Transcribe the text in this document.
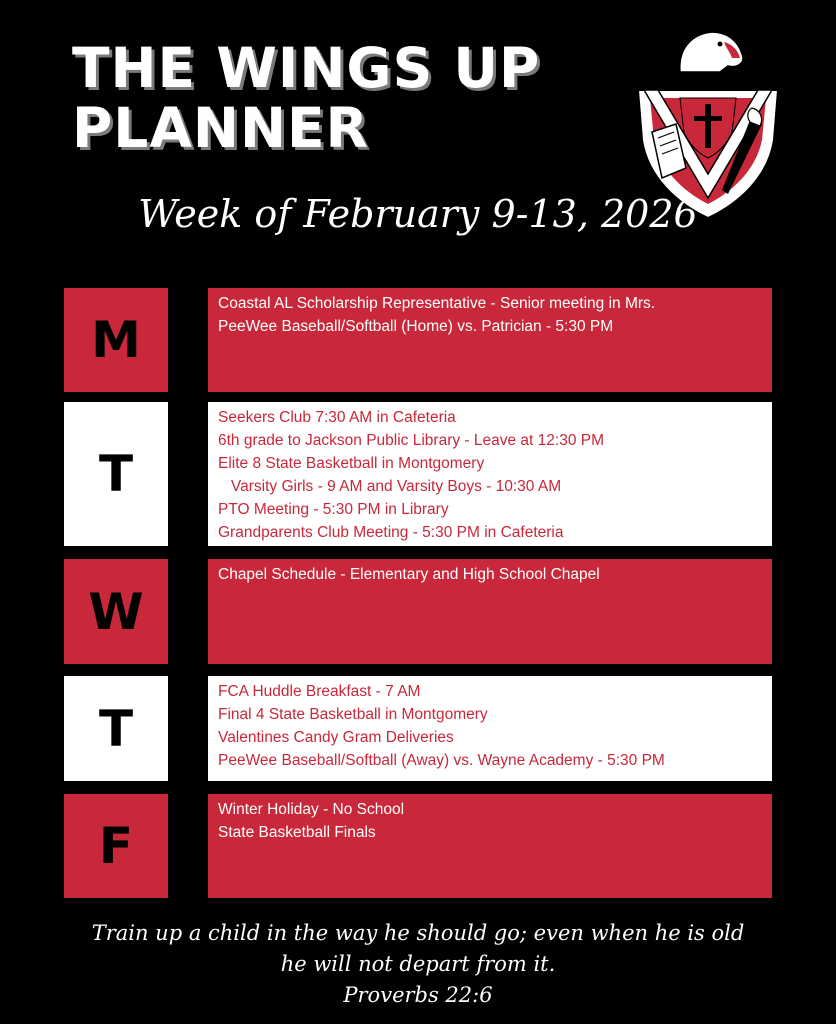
THE WINGS UP
PLANNER
Week of February 9-13, 2026
M
Coastal AL Scholarship Representative - Senior meeting in Mrs.
PeeWee Baseball/Softball (Home) vs. Patrician - 5:30 PM
T
Seekers Club 7:30 AM in Cafeteria
6th grade to Jackson Public Library - Leave at 12:30 PM
Elite 8 State Basketball in Montgomery
Varsity Girls - 9 AM and Varsity Boys - 10:30 AM
PTO Meeting - 5:30 PM in Library
Grandparents Club Meeting - 5:30 PM in Cafeteria
W
Chapel Schedule - Elementary and High School Chapel
T
FCA Huddle Breakfast - 7 AM
Final 4 State Basketball in Montgomery
Valentines Candy Gram Deliveries
PeeWee Baseball/Softball (Away) vs. Wayne Academy - 5:30 PM
F
Winter Holiday - No School
State Basketball Finals
Train up a child in the way he should go; even when he is old
he will not depart from it.
Proverbs 22:6
